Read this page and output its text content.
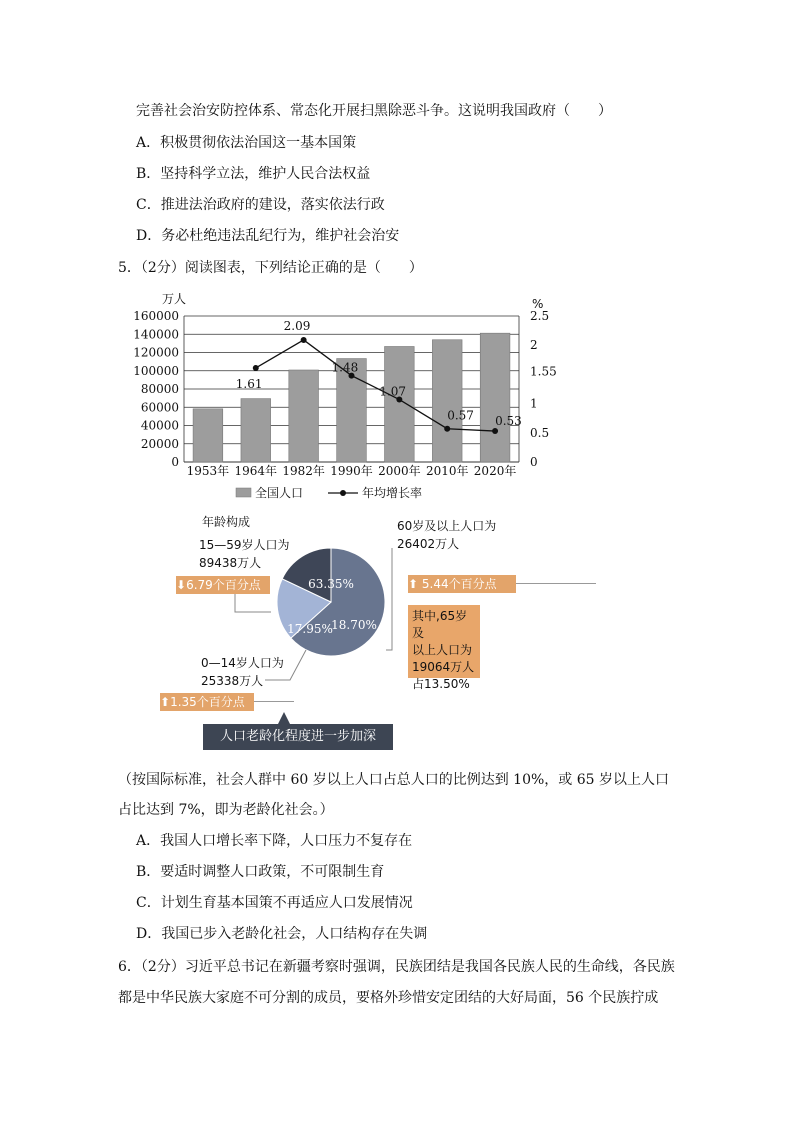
完善社会治安防控体系、常态化开展扫黑除恶斗争。这说明我国政府（　　）
A．积极贯彻依法治国这一基本国策
B．坚持科学立法，维护人民合法权益
C．推进法治政府的建设，落实依法行政
D．务必杜绝违法乱纪行为，维护社会治安
5．（2分）阅读图表，下列结论正确的是（　　）
万人	%
1.61
2.09
1.48
1.07
0.57 0.53
0
20000
40000
60000
80000
100000
120000
140000
160000
0
0.5
1
1.55
2
2.5
1953年 1964年 1982年 1990年 2000年 2010年 2020年
全国人口	年均增长率
63.35%
18.70%
17.95%
年龄构成
15—59岁人口为
89438万人
⬇6.79个百分点
60岁及以上人口为
26402万人
⬆ 5.44个百分点
其中,65岁及
以上人口为
19064万人
占13.50%
0—14岁人口为
25338万人
⬆1.35个百分点
人口老龄化程度进一步加深
（按国际标准，社会人群中 60 岁以上人口占总人口的比例达到 10%，或 65 岁以上人口
占比达到 7%，即为老龄化社会。）
A．我国人口增长率下降，人口压力不复存在
B．要适时调整人口政策，不可限制生育
C．计划生育基本国策不再适应人口发展情况
D．我国已步入老龄化社会，人口结构存在失调
6．（2分）习近平总书记在新疆考察时强调，民族团结是我国各民族人民的生命线，各民族
都是中华民族大家庭不可分割的成员，要格外珍惜安定团结的大好局面，56 个民族拧成
